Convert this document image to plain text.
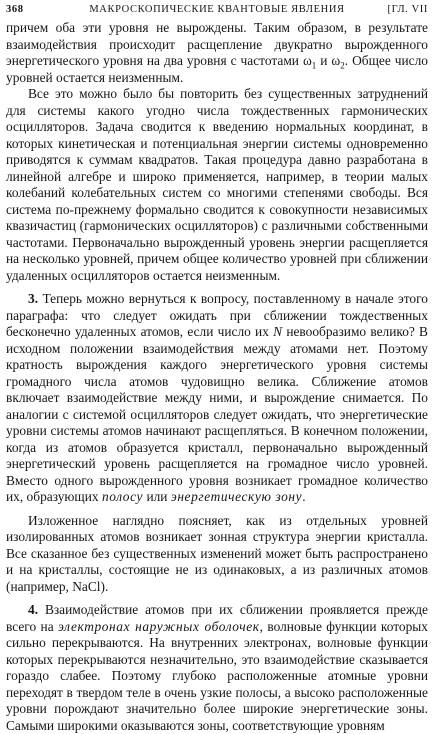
368	МАКРОСКОПИЧЕСКИЕ КВАНТОВЫЕ ЯВЛЕНИЯ	[ГЛ. VII

причем оба эти уровня не вырождены. Таким образом, в результате взаимодействия происходит расщепление двукратно вырожденного энергетического уровня на два уровня с частотами $\omega_1$ и $\omega_2$. Общее число уровней остается неизменным.

Все это можно было бы повторить без существенных затруднений для системы какого угодно числа тождественных гармонических осцилляторов. Задача сводится к введению нормальных координат, в которых кинетическая и потенциальная энергии системы одновременно приводятся к суммам квадратов. Такая процедура давно разработана в линейной алгебре и широко применяется, например, в теории малых колебаний колебательных систем со многими степенями свободы. Вся система по-прежнему формально сводится к совокупности независимых квазичастиц (гармонических осцилляторов) с различными собственными частотами. Первоначально вырожденный уровень энергии расщепляется на несколько уровней, причем общее количество уровней при сближении удаленных осцилляторов остается неизменным.

3. Теперь можно вернуться к вопросу, поставленному в начале этого параграфа: что следует ожидать при сближении тождественных бесконечно удаленных атомов, если число их N невообразимо велико? В исходном положении взаимодействия между атомами нет. Поэтому кратность вырождения каждого энергетического уровня системы громадного числа атомов чудовищно велика. Сближение атомов включает взаимодействие между ними, и вырождение снимается. По аналогии с системой осцилляторов следует ожидать, что энергетические уровни системы атомов начинают расщепляться. В конечном положении, когда из атомов образуется кристалл, первоначально вырожденный энергетический уровень расщепляется на громадное число уровней. Вместо одного вырожденного уровня возникает громадное количество их, образующих полосу или энергетическую зону.

Изложенное наглядно поясняет, как из отдельных уровней изолированных атомов возникает зонная структура энергии кристалла. Все сказанное без существенных изменений может быть распространено и на кристаллы, состоящие не из одинаковых, а из различных атомов (например, NaCl).

4. Взаимодействие атомов при их сближении проявляется прежде всего на электронах наружных оболочек, волновые функции которых сильно перекрываются. На внутренних электронах, волновые функции которых перекрываются незначительно, это взаимодействие сказывается гораздо слабее. Поэтому глубоко расположенные атомные уровни переходят в твердом теле в очень узкие полосы, а высоко расположенные уровни порождают значительно более широкие энергетические зоны. Самыми широкими оказываются зоны, соответствующие уровням
